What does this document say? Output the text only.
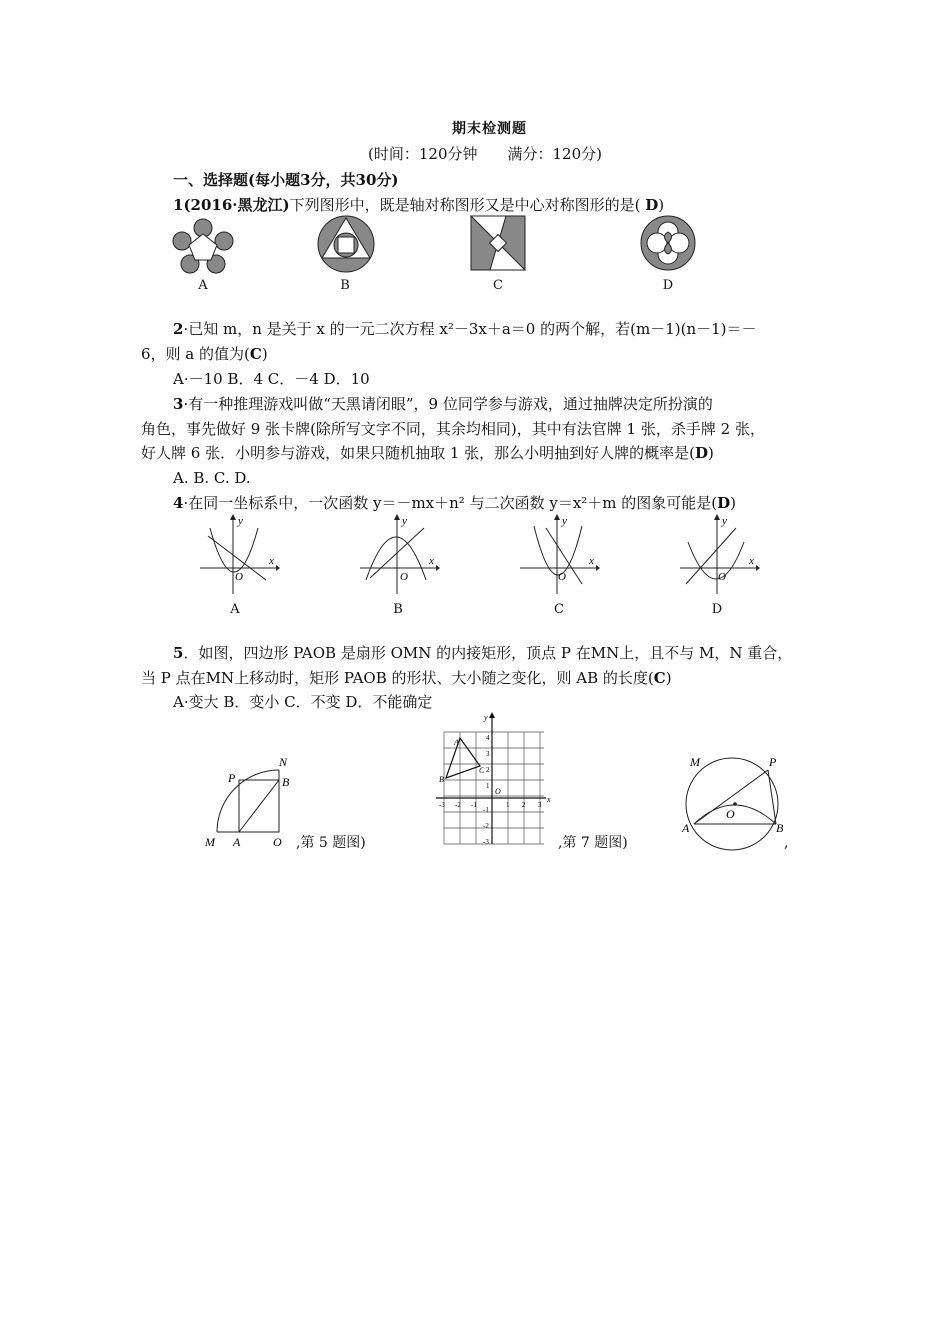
期末检测题
(时间：120分钟　　满分：120分)
一、选择题(每小题3分，共30分)
1(2016·黑龙江)下列图形中，既是轴对称图形又是中心对称图形的是( D)
A	B	C	D
2·已知 m，n 是关于 x 的一元二次方程 x²－3x＋a＝0 的两个解，若(m－1)(n－1)＝－
6，则 a 的值为(C)
A·－10 B．4 C．－4 D．10
3·有一种推理游戏叫做“天黑请闭眼”，9 位同学参与游戏，通过抽牌决定所扮演的
角色，事先做好 9 张卡牌(除所写文字不同，其余均相同)，其中有法官牌 1 张，杀手牌 2 张，
好人牌 6 张．小明参与游戏，如果只随机抽取 1 张，那么小明抽到好人牌的概率是(D)
A. B. C. D.
4·在同一坐标系中，一次函数 y＝－mx＋n² 与二次函数 y＝x²＋m 的图象可能是(D)
y
x
O
A
y
x
O
B
y
x
O
C
y
x
O
D
5．如图，四边形 PAOB 是扇形 OMN 的内接矩形，顶点 P 在MN上，且不与 M，N 重合，
当 P 点在MN上移动时，矩形 PAOB 的形状、大小随之变化，则 AB 的长度(C)
A·变大 B．变小 C．不变 D．不能确定
N
P	B
M A	O ,第 5 题图)
y
x
O
A
B
C
-3 -2 -1	1 2 3
4
3
2
1
-1
-2
-3	,第 7 题图)
M	P
O
A	B
,
